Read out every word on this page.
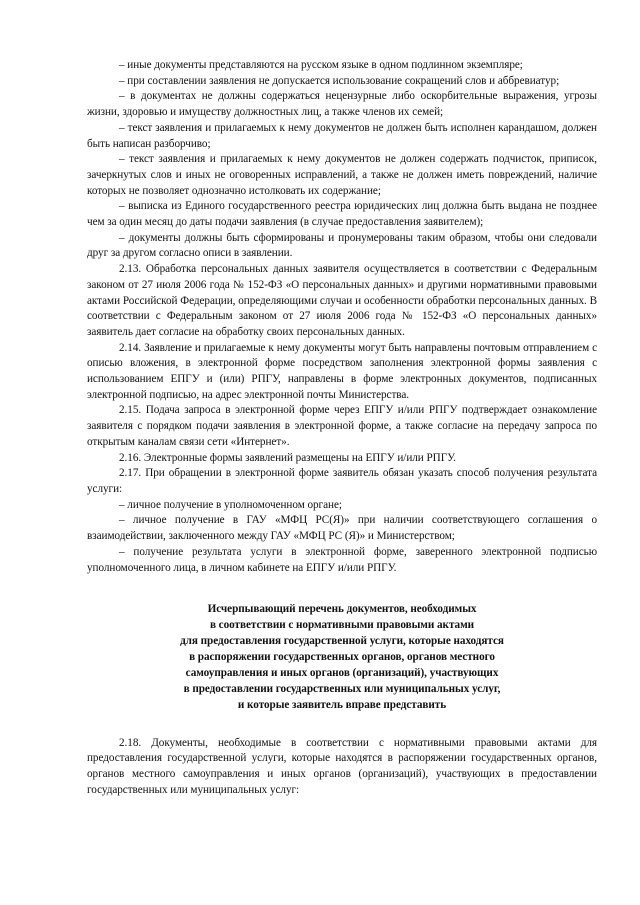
– иные документы представляются на русском языке в одном подлинном экземпляре;

– при составлении заявления не допускается использование сокращений слов и аббревиатур;

– в документах не должны содержаться нецензурные либо оскорбительные выражения, угрозы жизни, здоровью и имуществу должностных лиц, а также членов их семей;

– текст заявления и прилагаемых к нему документов не должен быть исполнен карандашом, должен быть написан разборчиво;

– текст заявления и прилагаемых к нему документов не должен содержать подчисток, приписок, зачеркнутых слов и иных не оговоренных исправлений, а также не должен иметь повреждений, наличие которых не позволяет однозначно истолковать их содержание;

– выписка из Единого государственного реестра юридических лиц должна быть выдана не позднее чем за один месяц до даты подачи заявления (в случае предоставления заявителем);

– документы должны быть сформированы и пронумерованы таким образом, чтобы они следовали друг за другом согласно описи в заявлении.

2.13. Обработка персональных данных заявителя осуществляется в соответствии с Федеральным законом от 27 июля 2006 года № 152-ФЗ «О персональных данных» и другими нормативными правовыми актами Российской Федерации, определяющими случаи и особенности обработки персональных данных. В соответствии с Федеральным законом от 27 июля 2006 года № 152-ФЗ «О персональных данных» заявитель дает согласие на обработку своих персональных данных.

2.14. Заявление и прилагаемые к нему документы могут быть направлены почтовым отправлением с описью вложения, в электронной форме посредством заполнения электронной формы заявления с использованием ЕПГУ и (или) РПГУ, направлены в форме электронных документов, подписанных электронной подписью, на адрес электронной почты Министерства.

2.15. Подача запроса в электронной форме через ЕПГУ и/или РПГУ подтверждает ознакомление заявителя с порядком подачи заявления в электронной форме, а также согласие на передачу запроса по открытым каналам связи сети «Интернет».

2.16. Электронные формы заявлений размещены на ЕПГУ и/или РПГУ.

2.17. При обращении в электронной форме заявитель обязан указать способ получения результата услуги:

– личное получение в уполномоченном органе;

– личное получение в ГАУ «МФЦ РС(Я)» при наличии соответствующего соглашения о взаимодействии, заключенного между ГАУ «МФЦ РС (Я)» и Министерством;

– получение результата услуги в электронной форме, заверенного электронной подписью уполномоченного лица, в личном кабинете на ЕПГУ и/или РПГУ.

Исчерпывающий перечень документов, необходимых
в соответствии с нормативными правовыми актами
для предоставления государственной услуги, которые находятся
в распоряжении государственных органов, органов местного
самоуправления и иных органов (организаций), участвующих
в предоставлении государственных или муниципальных услуг,
и которые заявитель вправе представить

2.18. Документы, необходимые в соответствии с нормативными правовыми актами для предоставления государственной услуги, которые находятся в распоряжении государственных органов, органов местного самоуправления и иных органов (организаций), участвующих в предоставлении государственных или муниципальных услуг:
